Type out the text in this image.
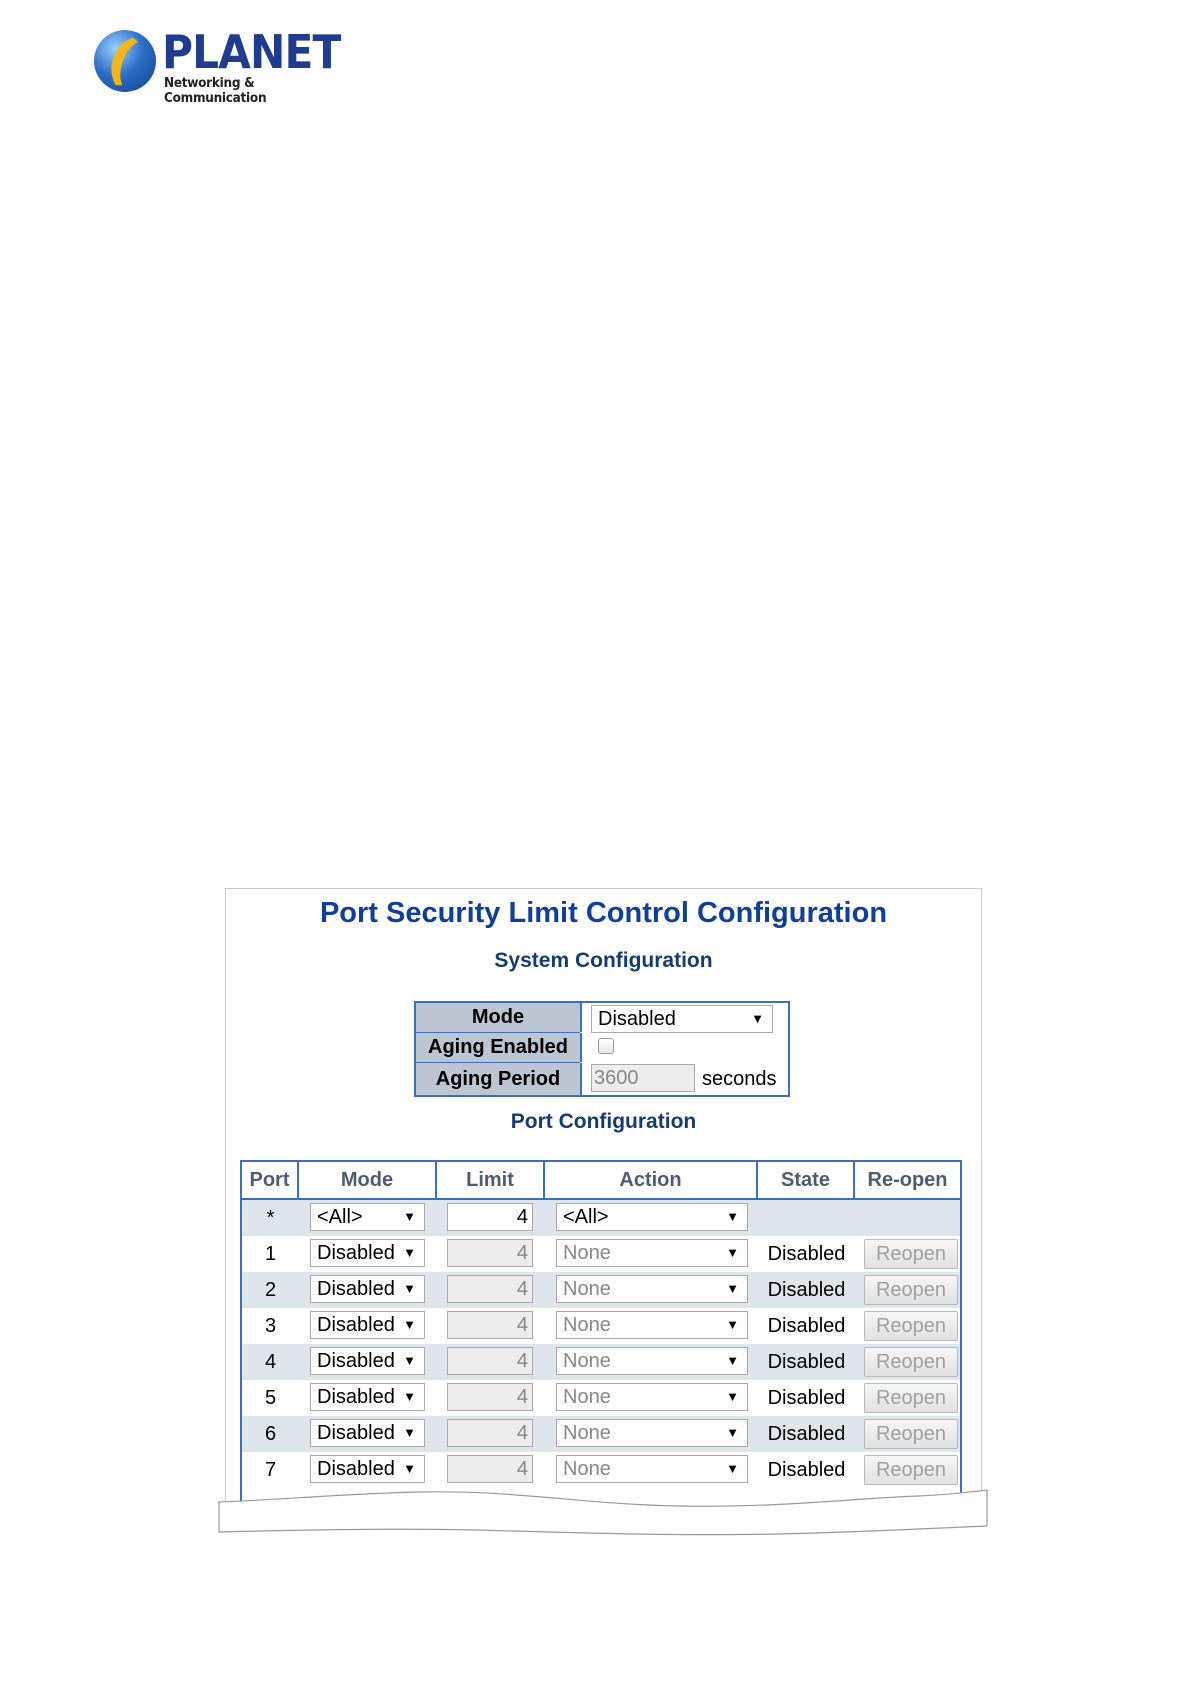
PLANET
Networking & Communication
Port Security Limit Control Configuration
System Configuration
Mode	Disabled	▼
Aging Enabled
Aging Period	3600	seconds
Port Configuration
Port	Mode	Limit	Action	State	Re-open
*	<All>	▼	4	<All>	▼
1	Disabled ▼	4	None	▼	Disabled	Reopen
2	Disabled ▼	4	None	▼	Disabled	Reopen
3	Disabled ▼	4	None	▼	Disabled	Reopen
4	Disabled ▼	4	None	▼	Disabled	Reopen
5	Disabled ▼	4	None	▼	Disabled	Reopen
6	Disabled ▼	4	None	▼	Disabled	Reopen
7	Disabled ▼	4	None	▼	Disabled	Reopen
